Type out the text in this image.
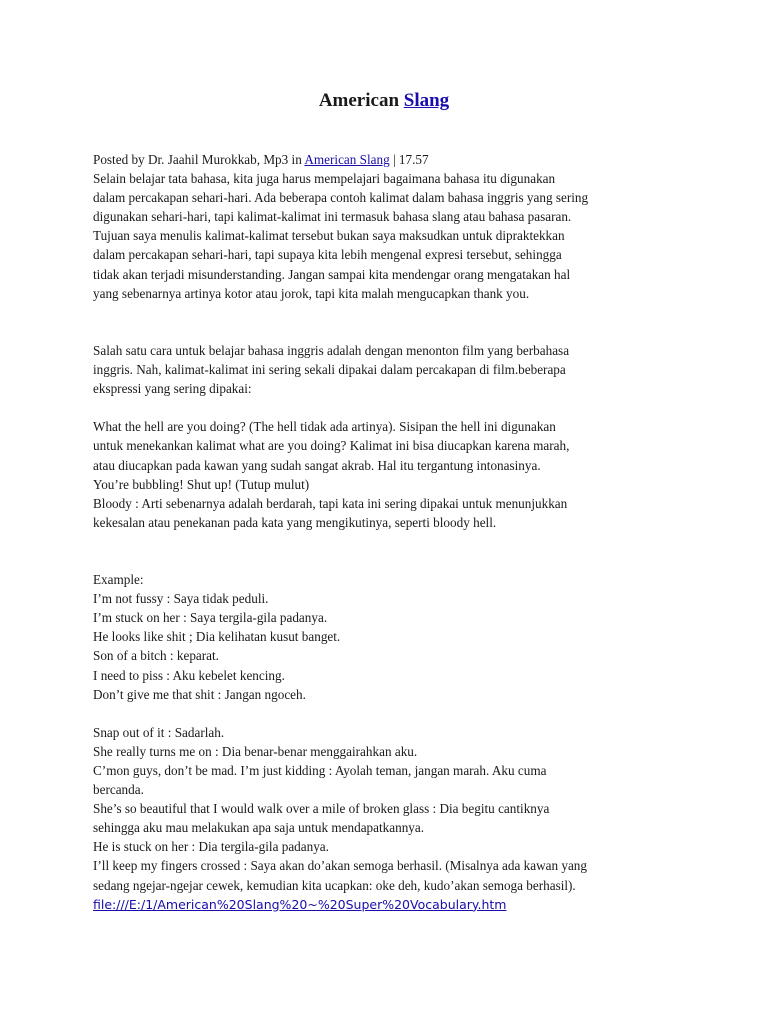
American Slang
Posted by Dr. Jaahil Murokkab, Mp3 in American Slang | 17.57
Selain belajar tata bahasa, kita juga harus mempelajari bagaimana bahasa itu digunakan
dalam percakapan sehari-hari. Ada beberapa contoh kalimat dalam bahasa inggris yang sering
digunakan sehari-hari, tapi kalimat-kalimat ini termasuk bahasa slang atau bahasa pasaran.
Tujuan saya menulis kalimat-kalimat tersebut bukan saya maksudkan untuk dipraktekkan
dalam percakapan sehari-hari, tapi supaya kita lebih mengenal expresi tersebut, sehingga
tidak akan terjadi misunderstanding. Jangan sampai kita mendengar orang mengatakan hal
yang sebenarnya artinya kotor atau jorok, tapi kita malah mengucapkan thank you.
Salah satu cara untuk belajar bahasa inggris adalah dengan menonton film yang berbahasa
inggris. Nah, kalimat-kalimat ini sering sekali dipakai dalam percakapan di film.beberapa
ekspressi yang sering dipakai:
What the hell are you doing? (The hell tidak ada artinya). Sisipan the hell ini digunakan
untuk menekankan kalimat what are you doing? Kalimat ini bisa diucapkan karena marah,
atau diucapkan pada kawan yang sudah sangat akrab. Hal itu tergantung intonasinya.
You’re bubbling! Shut up! (Tutup mulut)
Bloody : Arti sebenarnya adalah berdarah, tapi kata ini sering dipakai untuk menunjukkan
kekesalan atau penekanan pada kata yang mengikutinya, seperti bloody hell.
Example:
I’m not fussy : Saya tidak peduli.
I’m stuck on her : Saya tergila-gila padanya.
He looks like shit ; Dia kelihatan kusut banget.
Son of a bitch : keparat.
I need to piss : Aku kebelet kencing.
Don’t give me that shit : Jangan ngoceh.
Snap out of it : Sadarlah.
She really turns me on : Dia benar-benar menggairahkan aku.
C’mon guys, don’t be mad. I’m just kidding : Ayolah teman, jangan marah. Aku cuma
bercanda.
She’s so beautiful that I would walk over a mile of broken glass : Dia begitu cantiknya
sehingga aku mau melakukan apa saja untuk mendapatkannya.
He is stuck on her : Dia tergila-gila padanya.
I’ll keep my fingers crossed : Saya akan do’akan semoga berhasil. (Misalnya ada kawan yang
sedang ngejar-ngejar cewek, kemudian kita ucapkan: oke deh, kudo’akan semoga berhasil).
file:///E:/1/American%20Slang%20~%20Super%20Vocabulary.htm
